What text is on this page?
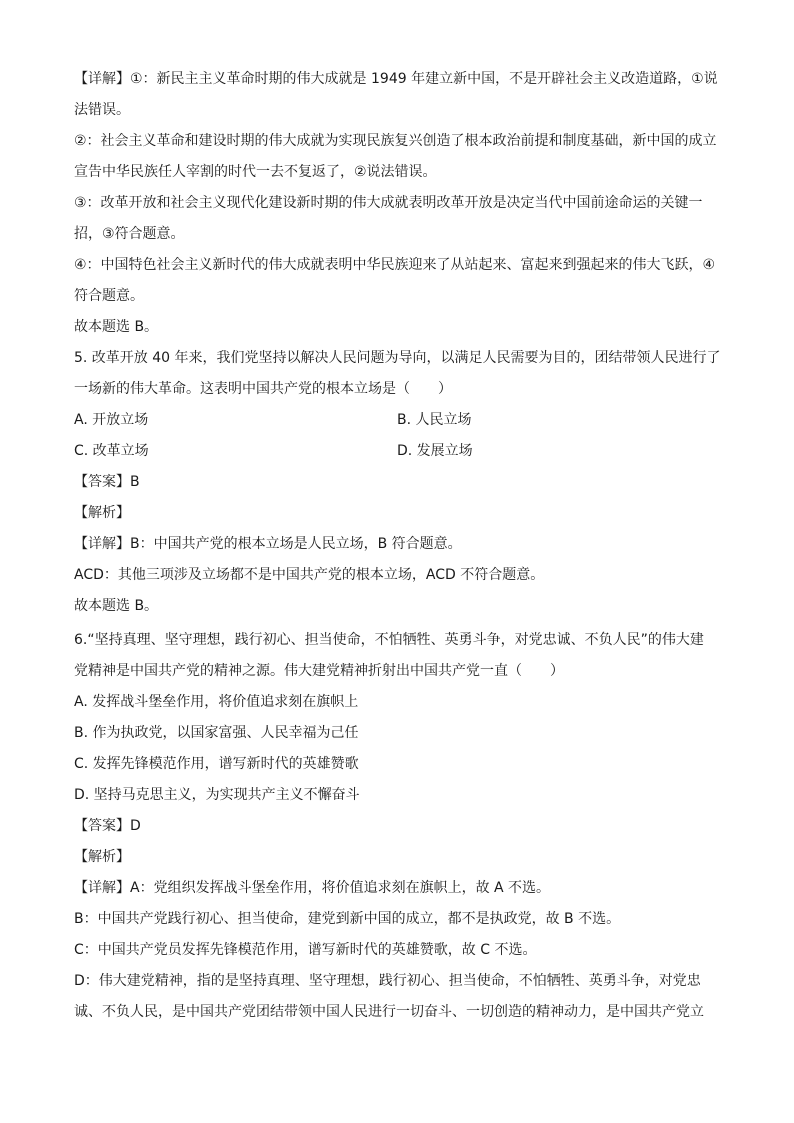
【详解】①：新民主主义革命时期的伟大成就是 1949 年建立新中国，不是开辟社会主义改造道路，①说
法错误。
②：社会主义革命和建设时期的伟大成就为实现民族复兴创造了根本政治前提和制度基础，新中国的成立
宣告中华民族任人宰割的时代一去不复返了，②说法错误。
③：改革开放和社会主义现代化建设新时期的伟大成就表明改革开放是决定当代中国前途命运的关键一
招，③符合题意。
④：中国特色社会主义新时代的伟大成就表明中华民族迎来了从站起来、富起来到强起来的伟大飞跃，④
符合题意。
故本题选 B。
5. 改革开放 40 年来，我们党坚持以解决人民问题为导向，以满足人民需要为目的，团结带领人民进行了
一场新的伟大革命。这表明中国共产党的根本立场是（　　）
A. 开放立场	B. 人民立场
C. 改革立场	D. 发展立场
【答案】B
【解析】
【详解】B：中国共产党的根本立场是人民立场，B 符合题意。
ACD：其他三项涉及立场都不是中国共产党的根本立场，ACD 不符合题意。
故本题选 B。
6.“坚持真理、坚守理想，践行初心、担当使命，不怕牺牲、英勇斗争，对党忠诚、不负人民”的伟大建
党精神是中国共产党的精神之源。伟大建党精神折射出中国共产党一直（　　）
A. 发挥战斗堡垒作用，将价值追求刻在旗帜上
B. 作为执政党，以国家富强、人民幸福为己任
C. 发挥先锋模范作用，谱写新时代的英雄赞歌
D. 坚持马克思主义，为实现共产主义不懈奋斗
【答案】D
【解析】
【详解】A：党组织发挥战斗堡垒作用，将价值追求刻在旗帜上，故 A 不选。
B：中国共产党践行初心、担当使命，建党到新中国的成立，都不是执政党，故 B 不选。
C：中国共产党员发挥先锋模范作用，谱写新时代的英雄赞歌，故 C 不选。
D：伟大建党精神，指的是坚持真理、坚守理想，践行初心、担当使命，不怕牺牲、英勇斗争，对党忠
诚、不负人民，是中国共产党团结带领中国人民进行一切奋斗、一切创造的精神动力，是中国共产党立
